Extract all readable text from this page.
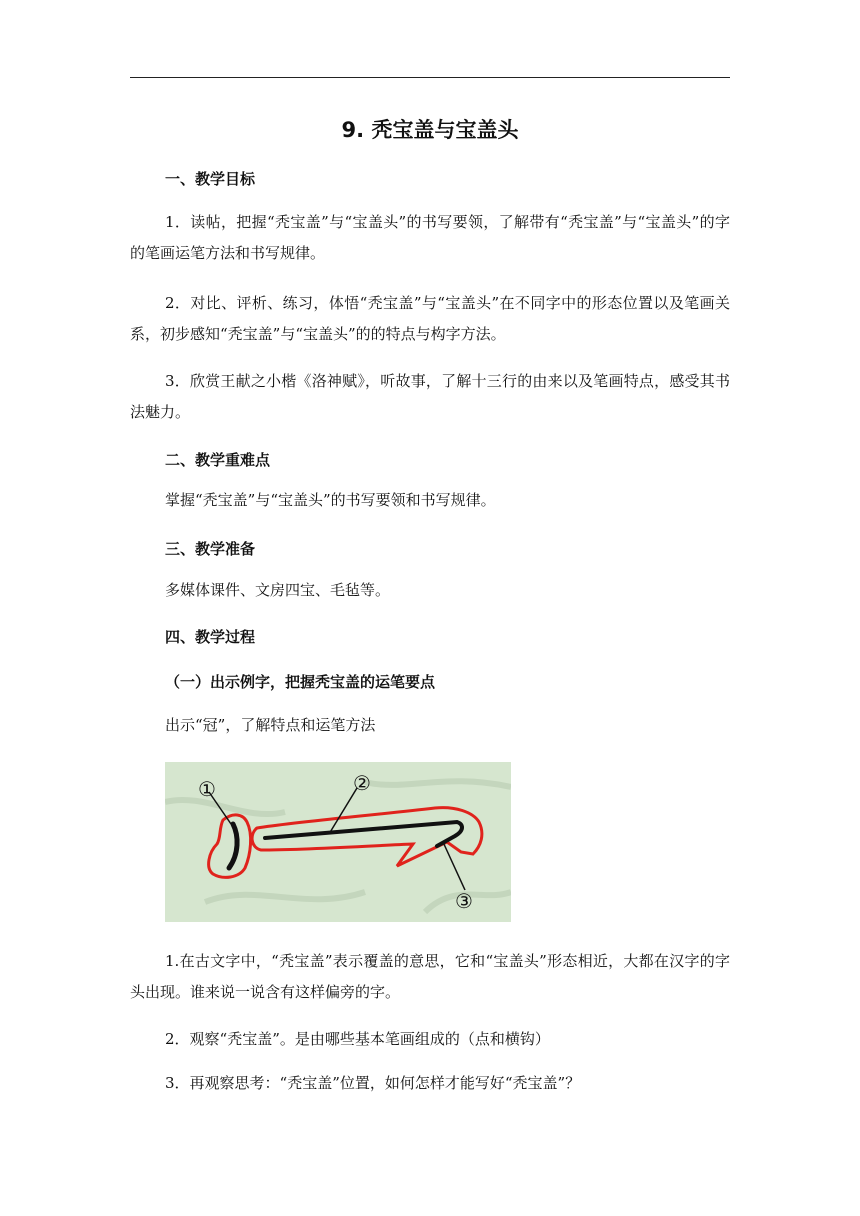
9. 秃宝盖与宝盖头
一、教学目标

1．读帖，把握“秃宝盖”与“宝盖头”的书写要领，了解带有“秃宝盖”与“宝盖头”的字的笔画运笔方法和书写规律。

2．对比、评析、练习，体悟“秃宝盖”与“宝盖头”在不同字中的形态位置以及笔画关系，初步感知“秃宝盖”与“宝盖头”的的特点与构字方法。

3．欣赏王献之小楷《洛神赋》，听故事，了解十三行的由来以及笔画特点，感受其书法魅力。

二、教学重难点

掌握“秃宝盖”与“宝盖头”的书写要领和书写规律。

三、教学准备

多媒体课件、文房四宝、毛毡等。

四、教学过程
（一）出示例字，把握秃宝盖的运笔要点

出示“冠”，了解特点和运笔方法

①	②
③

1.在古文字中，“秃宝盖”表示覆盖的意思，它和“宝盖头”形态相近，大都在汉字的字头出现。谁来说一说含有这样偏旁的字。

2．观察“秃宝盖”。是由哪些基本笔画组成的（点和横钩）

3．再观察思考：“秃宝盖”位置，如何怎样才能写好“秃宝盖”？
